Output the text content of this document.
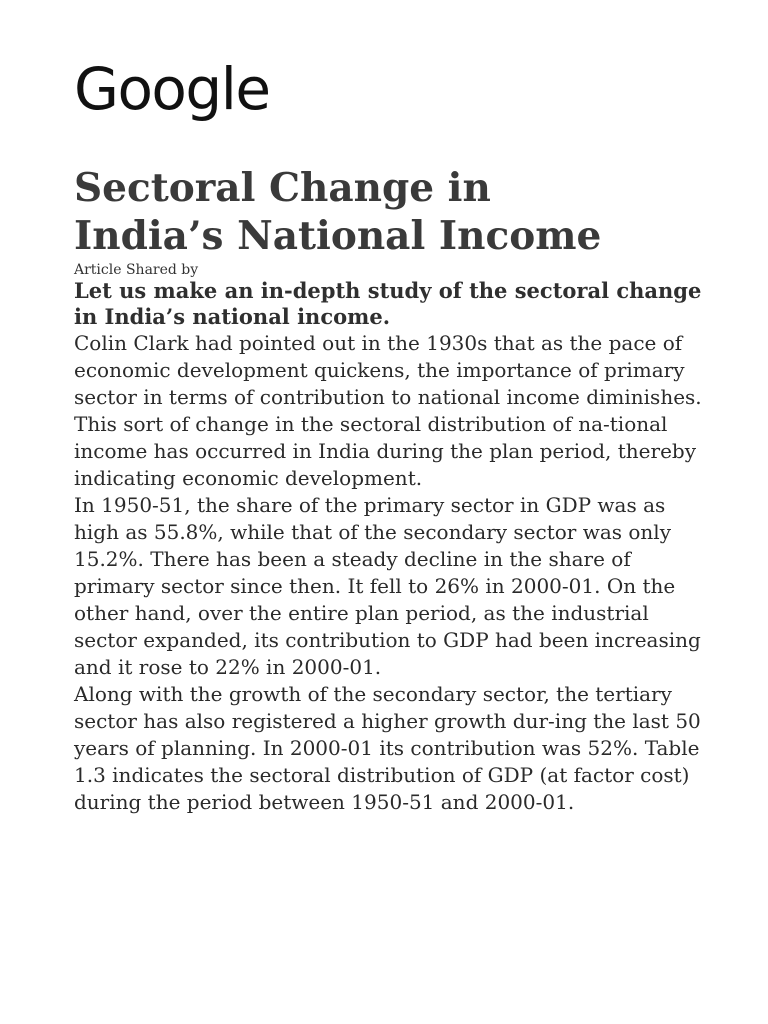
Google
Sectoral Change in
India’s National Income

Article Shared by

Let us make an in-depth study of the sectoral change in India’s national income.

Colin Clark had pointed out in the 1930s that as the pace of economic development quickens, the importance of primary sector in terms of contribution to national income diminishes.

This sort of change in the sectoral distribution of na-tional income has occurred in India during the plan period, thereby indicating economic development.

In 1950-51, the share of the primary sector in GDP was as high as 55.8%, while that of the secondary sector was only 15.2%. There has been a steady decline in the share of primary sector since then. It fell to 26% in 2000-01. On the other hand, over the entire plan period, as the industrial sector expanded, its contribution to GDP had been increasing and it rose to 22% in 2000-01.

Along with the growth of the secondary sector, the tertiary sector has also registered a higher growth dur-ing the last 50 years of planning. In 2000-01 its contribution was 52%. Table 1.3 indicates the sectoral distribution of GDP (at factor cost) during the period between 1950-51 and 2000-01.
